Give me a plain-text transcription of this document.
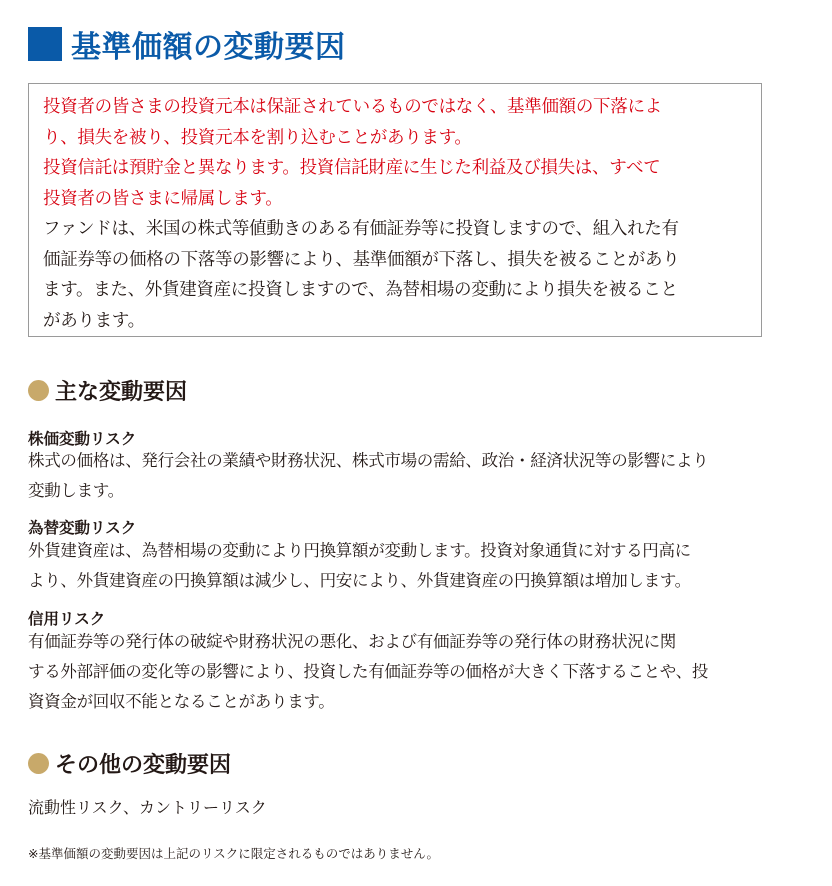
基準価額の変動要因

投資者の皆さまの投資元本は保証されているものではなく、基準価額の下落によ

り、損失を被り、投資元本を割り込むことがあります。

投資信託は預貯金と異なります。投資信託財産に生じた利益及び損失は、すべて

投資者の皆さまに帰属します。

ファンドは、米国の株式等値動きのある有価証券等に投資しますので、組入れた有

価証券等の価格の下落等の影響により、基準価額が下落し、損失を被ることがあり

ます。また、外貨建資産に投資しますので、為替相場の変動により損失を被ること

があります。

主な変動要因
株価変動リスク

株式の価格は、発行会社の業績や財務状況、株式市場の需給、政治・経済状況等の影響により
変動します。

為替変動リスク

外貨建資産は、為替相場の変動により円換算額が変動します。投資対象通貨に対する円高に
より、外貨建資産の円換算額は減少し、円安により、外貨建資産の円換算額は増加します。

信用リスク

有価証券等の発行体の破綻や財務状況の悪化、および有価証券等の発行体の財務状況に関
する外部評価の変化等の影響により、投資した有価証券等の価格が大きく下落することや、投
資資金が回収不能となることがあります。

その他の変動要因
流動性リスク、カントリーリスク
※基準価額の変動要因は上記のリスクに限定されるものではありません。
